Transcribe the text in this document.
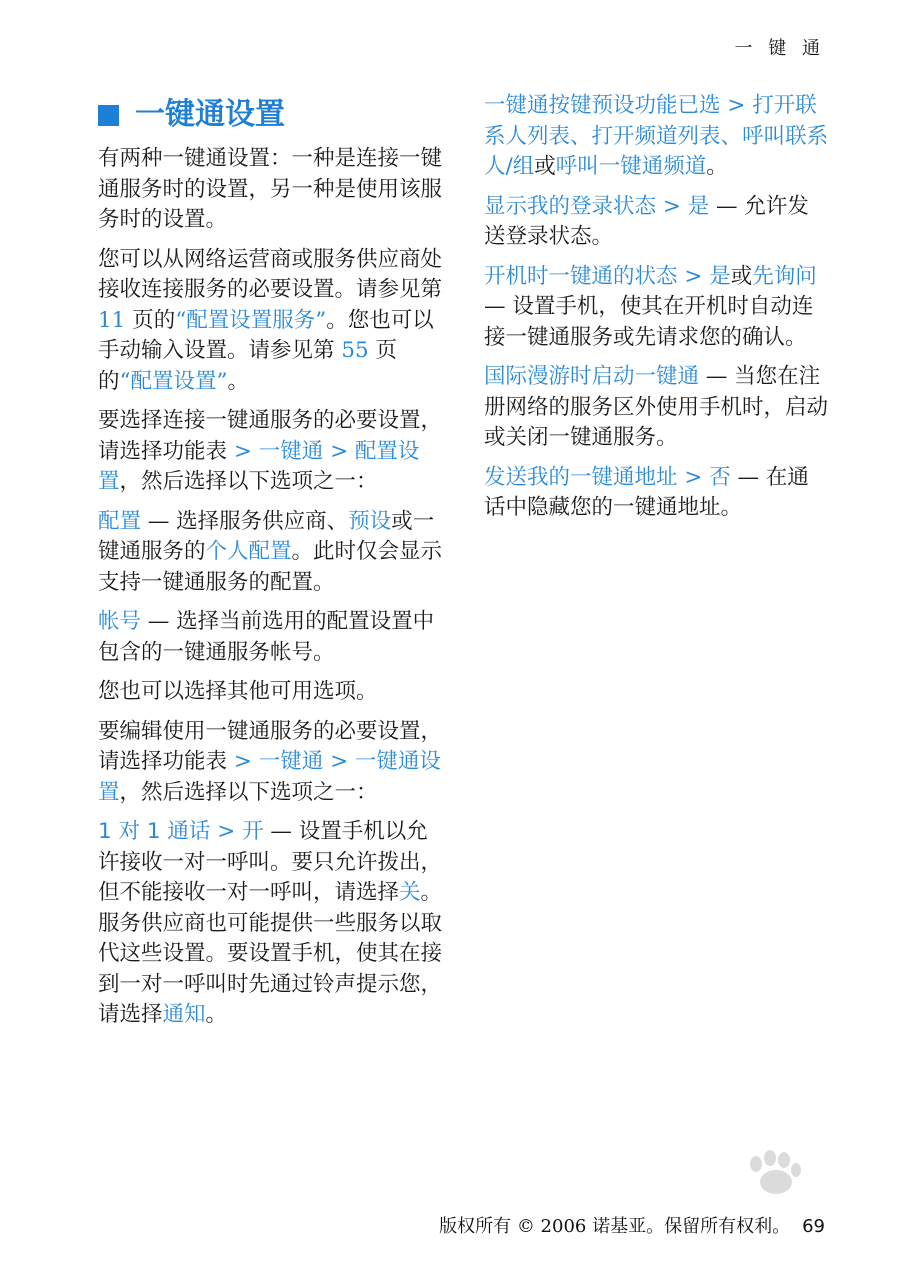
一 键 通
一键通设置

有两种一键通设置：一种是连接一键通服务时的设置，另一种是使用该服务时的设置。

您可以从网络运营商或服务供应商处接收连接服务的必要设置。请参见第 11 页的“配置设置服务”。您也可以手动输入设置。请参见第 55 页的“配置设置”。

要选择连接一键通服务的必要设置，请选择功能表 > 一键通 > 配置设置，然后选择以下选项之一：

配置 — 选择服务供应商、预设或一键通服务的个人配置。此时仅会显示支持一键通服务的配置。

帐号 — 选择当前选用的配置设置中包含的一键通服务帐号。

您也可以选择其他可用选项。

要编辑使用一键通服务的必要设置，请选择功能表 > 一键通 > 一键通设置，然后选择以下选项之一：

1 对 1 通话 > 开 — 设置手机以允许接收一对一呼叫。要只允许拨出，但不能接收一对一呼叫，请选择关。服务供应商也可能提供一些服务以取代这些设置。要设置手机，使其在接到一对一呼叫时先通过铃声提示您，请选择通知。

一键通按键预设功能已选 > 打开联系人列表、打开频道列表、呼叫联系人/组或呼叫一键通频道。

显示我的登录状态 > 是 — 允许发送登录状态。

开机时一键通的状态 > 是或先询问 — 设置手机，使其在开机时自动连接一键通服务或先请求您的确认。

国际漫游时启动一键通 — 当您在注册网络的服务区外使用手机时，启动或关闭一键通服务。

发送我的一键通地址 > 否 — 在通话中隐藏您的一键通地址。

版权所有 © 2006 诺基亚。保留所有权利。 69
